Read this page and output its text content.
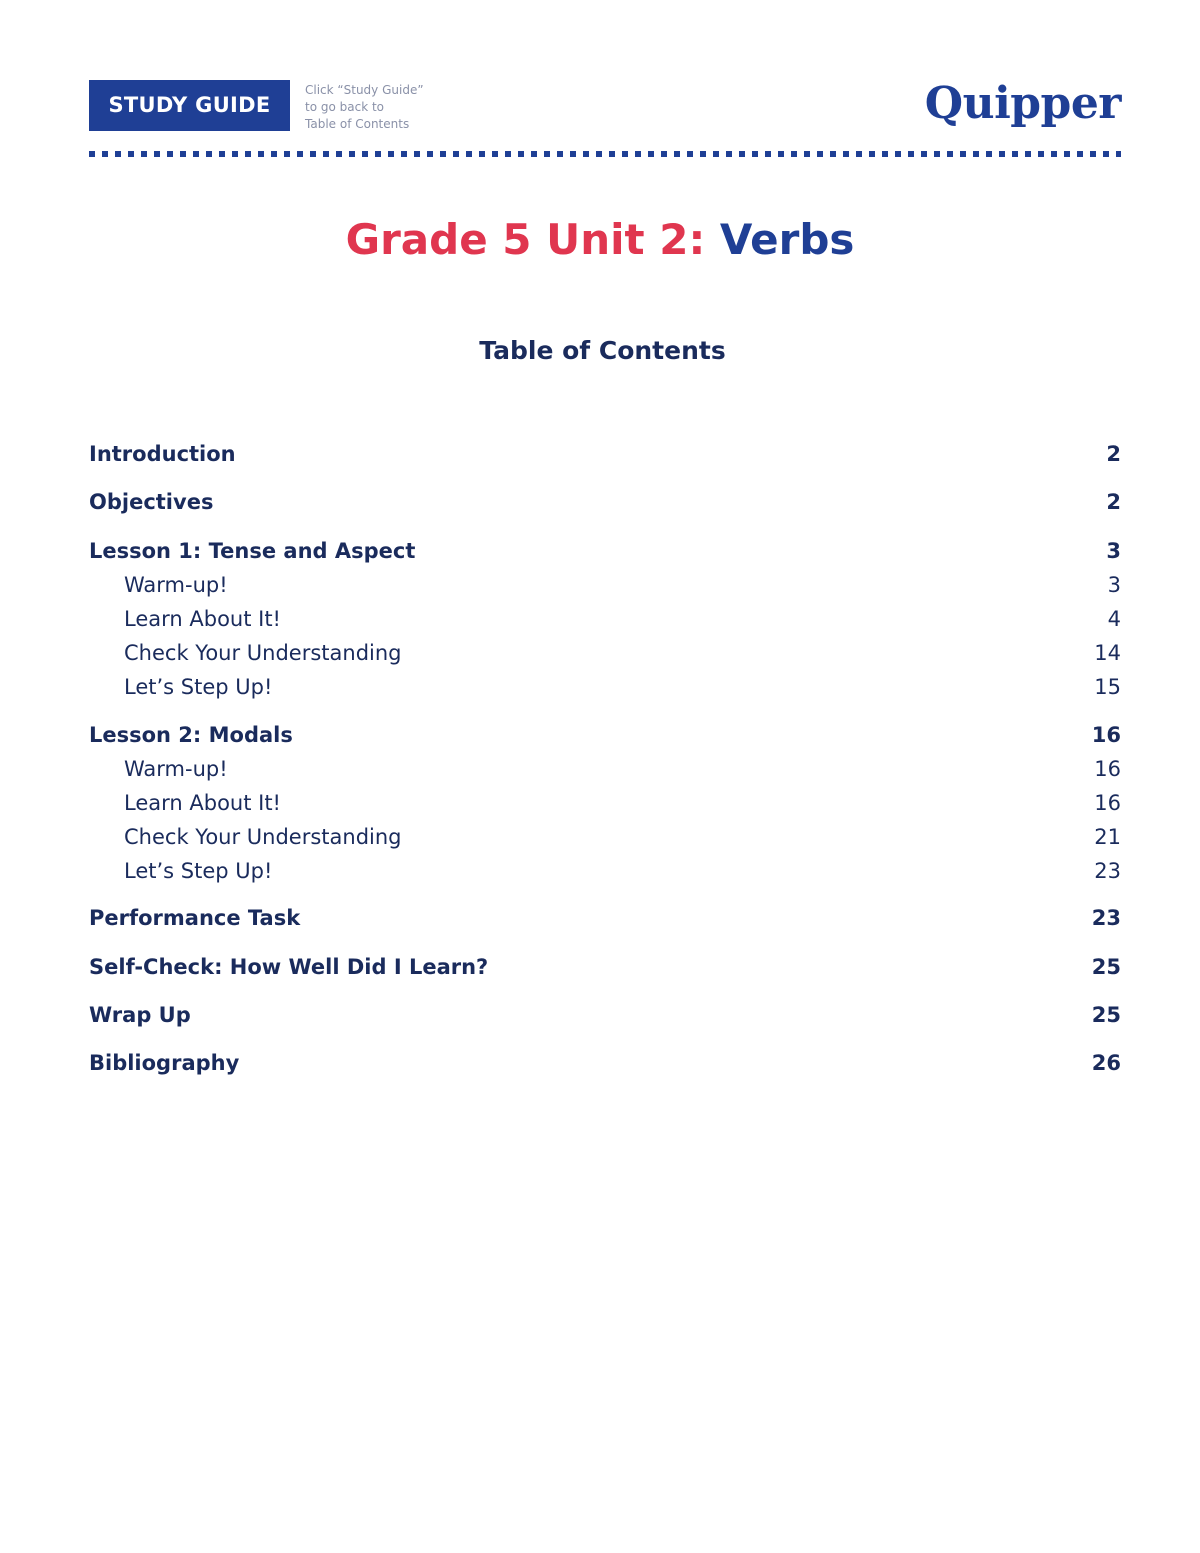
STUDY GUIDE
Click “Study Guide”
to go back to
Table of Contents	Quipper
Grade 5 Unit 2: Verbs
Table of Contents
Introduction	2
Objectives	2
Lesson 1: Tense and Aspect	3
Warm-up!	3
Learn About It!	4
Check Your Understanding	14
Let’s Step Up!	15
Lesson 2: Modals	16
Warm-up!	16
Learn About It!	16
Check Your Understanding	21
Let’s Step Up!	23
Performance Task	23
Self-Check: How Well Did I Learn?	25
Wrap Up	25
Bibliography	26
